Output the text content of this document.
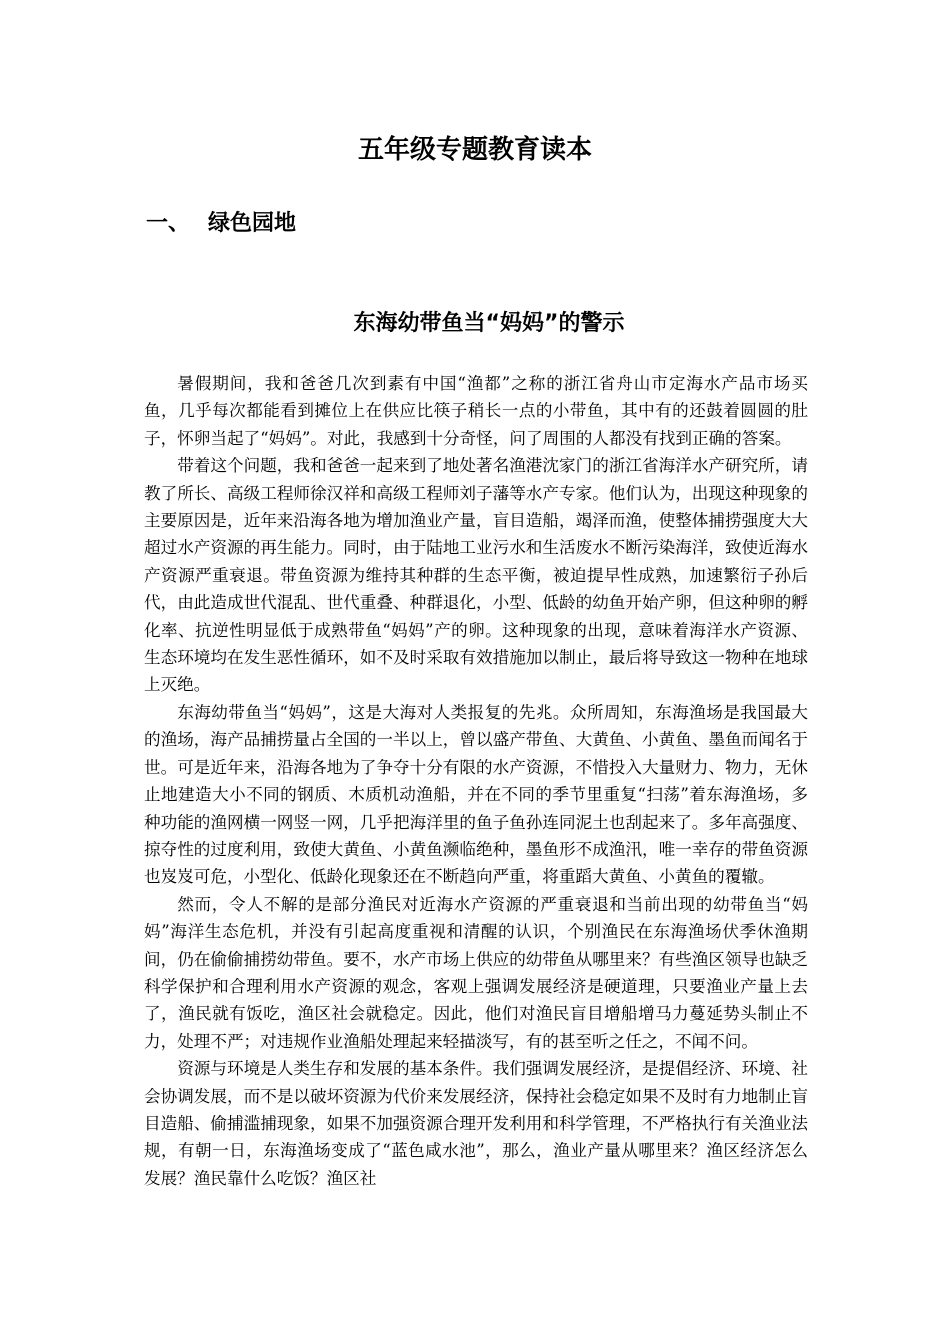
五年级专题教育读本
一、 绿色园地
东海幼带鱼当“妈妈”的警示

暑假期间，我和爸爸几次到素有中国“渔都”之称的浙江省舟山市定海水产品市场买鱼，几乎每次都能看到摊位上在供应比筷子稍长一点的小带鱼，其中有的还鼓着圆圆的肚子，怀卵当起了“妈妈”。对此，我感到十分奇怪，问了周围的人都没有找到正确的答案。

带着这个问题，我和爸爸一起来到了地处著名渔港沈家门的浙江省海洋水产研究所，请教了所长、高级工程师徐汉祥和高级工程师刘子藩等水产专家。他们认为，出现这种现象的主要原因是，近年来沿海各地为增加渔业产量，盲目造船，竭泽而渔，使整体捕捞强度大大超过水产资源的再生能力。同时，由于陆地工业污水和生活废水不断污染海洋，致使近海水产资源严重衰退。带鱼资源为维持其种群的生态平衡，被迫提早性成熟，加速繁衍子孙后代，由此造成世代混乱、世代重叠、种群退化，小型、低龄的幼鱼开始产卵，但这种卵的孵化率、抗逆性明显低于成熟带鱼“妈妈”产的卵。这种现象的出现，意味着海洋水产资源、生态环境均在发生恶性循环，如不及时采取有效措施加以制止，最后将导致这一物种在地球上灭绝。

东海幼带鱼当“妈妈”，这是大海对人类报复的先兆。众所周知，东海渔场是我国最大的渔场，海产品捕捞量占全国的一半以上，曾以盛产带鱼、大黄鱼、小黄鱼、墨鱼而闻名于世。可是近年来，沿海各地为了争夺十分有限的水产资源，不惜投入大量财力、物力，无休止地建造大小不同的钢质、木质机动渔船，并在不同的季节里重复“扫荡”着东海渔场，多种功能的渔网横一网竖一网，几乎把海洋里的鱼子鱼孙连同泥土也刮起来了。多年高强度、掠夺性的过度利用，致使大黄鱼、小黄鱼濒临绝种，墨鱼形不成渔汛，唯一幸存的带鱼资源也岌岌可危，小型化、低龄化现象还在不断趋向严重，将重蹈大黄鱼、小黄鱼的覆辙。

然而，令人不解的是部分渔民对近海水产资源的严重衰退和当前出现的幼带鱼当“妈妈”海洋生态危机，并没有引起高度重视和清醒的认识，个别渔民在东海渔场伏季休渔期间，仍在偷偷捕捞幼带鱼。要不，水产市场上供应的幼带鱼从哪里来？有些渔区领导也缺乏科学保护和合理利用水产资源的观念，客观上强调发展经济是硬道理，只要渔业产量上去了，渔民就有饭吃，渔区社会就稳定。因此，他们对渔民盲目增船增马力蔓延势头制止不力，处理不严；对违规作业渔船处理起来轻描淡写，有的甚至听之任之，不闻不问。

资源与环境是人类生存和发展的基本条件。我们强调发展经济，是提倡经济、环境、社会协调发展，而不是以破坏资源为代价来发展经济，保持社会稳定如果不及时有力地制止盲目造船、偷捕滥捕现象，如果不加强资源合理开发利用和科学管理，不严格执行有关渔业法规，有朝一日，东海渔场变成了“蓝色咸水池”，那么，渔业产量从哪里来？渔区经济怎么发展？渔民靠什么吃饭？渔区社
